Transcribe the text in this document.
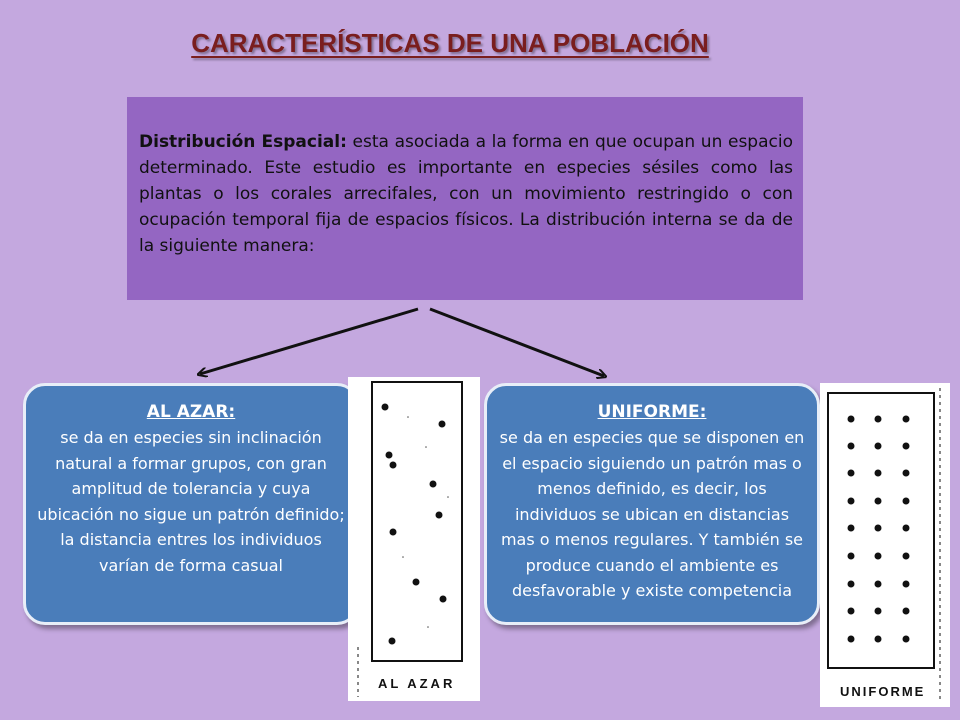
CARACTERÍSTICAS DE UNA POBLACIÓN

Distribución Espacial: esta asociada a la forma en que ocupan un espacio determinado. Este estudio es importante en especies sésiles como las plantas o los corales arrecifales, con un movimiento restringido o con ocupación temporal fija de espacios físicos. La distribución interna se da de la siguiente manera:

AL AZAR:
se da en especies sin inclinación natural a formar grupos, con gran amplitud de tolerancia y cuya ubicación no sigue un patrón definido; la distancia entres los individuos varían de forma casual
AL AZAR
UNIFORME:
se da en especies que se disponen en el espacio siguiendo un patrón mas o menos definido, es decir, los individuos se ubican en distancias mas o menos regulares. Y también se produce cuando el ambiente es desfavorable y existe competencia
UNIFORME
